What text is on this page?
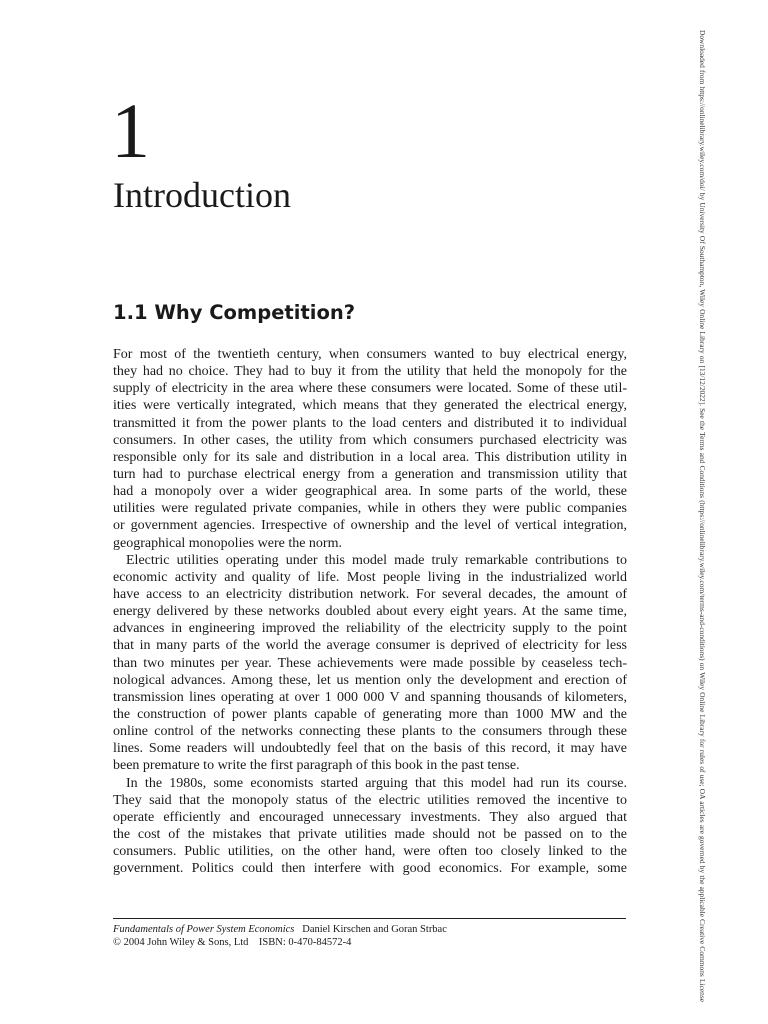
1
Introduction
1.1 Why Competition?
For most of the twentieth century, when consumers wanted to buy electrical energy,
they had no choice. They had to buy it from the utility that held the monopoly for the
supply of electricity in the area where these consumers were located. Some of these util-
ities were vertically integrated, which means that they generated the electrical energy,
transmitted it from the power plants to the load centers and distributed it to individual
consumers. In other cases, the utility from which consumers purchased electricity was
responsible only for its sale and distribution in a local area. This distribution utility in
turn had to purchase electrical energy from a generation and transmission utility that
had a monopoly over a wider geographical area. In some parts of the world, these
utilities were regulated private companies, while in others they were public companies
or government agencies. Irrespective of ownership and the level of vertical integration,
geographical monopolies were the norm.
Electric utilities operating under this model made truly remarkable contributions to
economic activity and quality of life. Most people living in the industrialized world
have access to an electricity distribution network. For several decades, the amount of
energy delivered by these networks doubled about every eight years. At the same time,
advances in engineering improved the reliability of the electricity supply to the point
that in many parts of the world the average consumer is deprived of electricity for less
than two minutes per year. These achievements were made possible by ceaseless tech-
nological advances. Among these, let us mention only the development and erection of
transmission lines operating at over 1 000 000 V and spanning thousands of kilometers,
the construction of power plants capable of generating more than 1000 MW and the
online control of the networks connecting these plants to the consumers through these
lines. Some readers will undoubtedly feel that on the basis of this record, it may have
been premature to write the first paragraph of this book in the past tense.
In the 1980s, some economists started arguing that this model had run its course.
They said that the monopoly status of the electric utilities removed the incentive to
operate efficiently and encouraged unnecessary investments. They also argued that
the cost of the mistakes that private utilities made should not be passed on to the
consumers. Public utilities, on the other hand, were often too closely linked to the
government. Politics could then interfere with good economics. For example, some
Fundamentals of Power System Economics Daniel Kirschen and Goran Strbac
© 2004 John Wiley & Sons, Ltd ISBN: 0-470-84572-4	Downloaded from https://onlinelibrary.wiley.com/doi/ by University Of Southampton, Wiley Online Library on [13/12/2022]. See the Terms and Conditions (https://onlinelibrary.wiley.com/terms-and-conditions) on Wiley Online Library for rules of use; OA articles are governed by the applicable Creative Commons License
